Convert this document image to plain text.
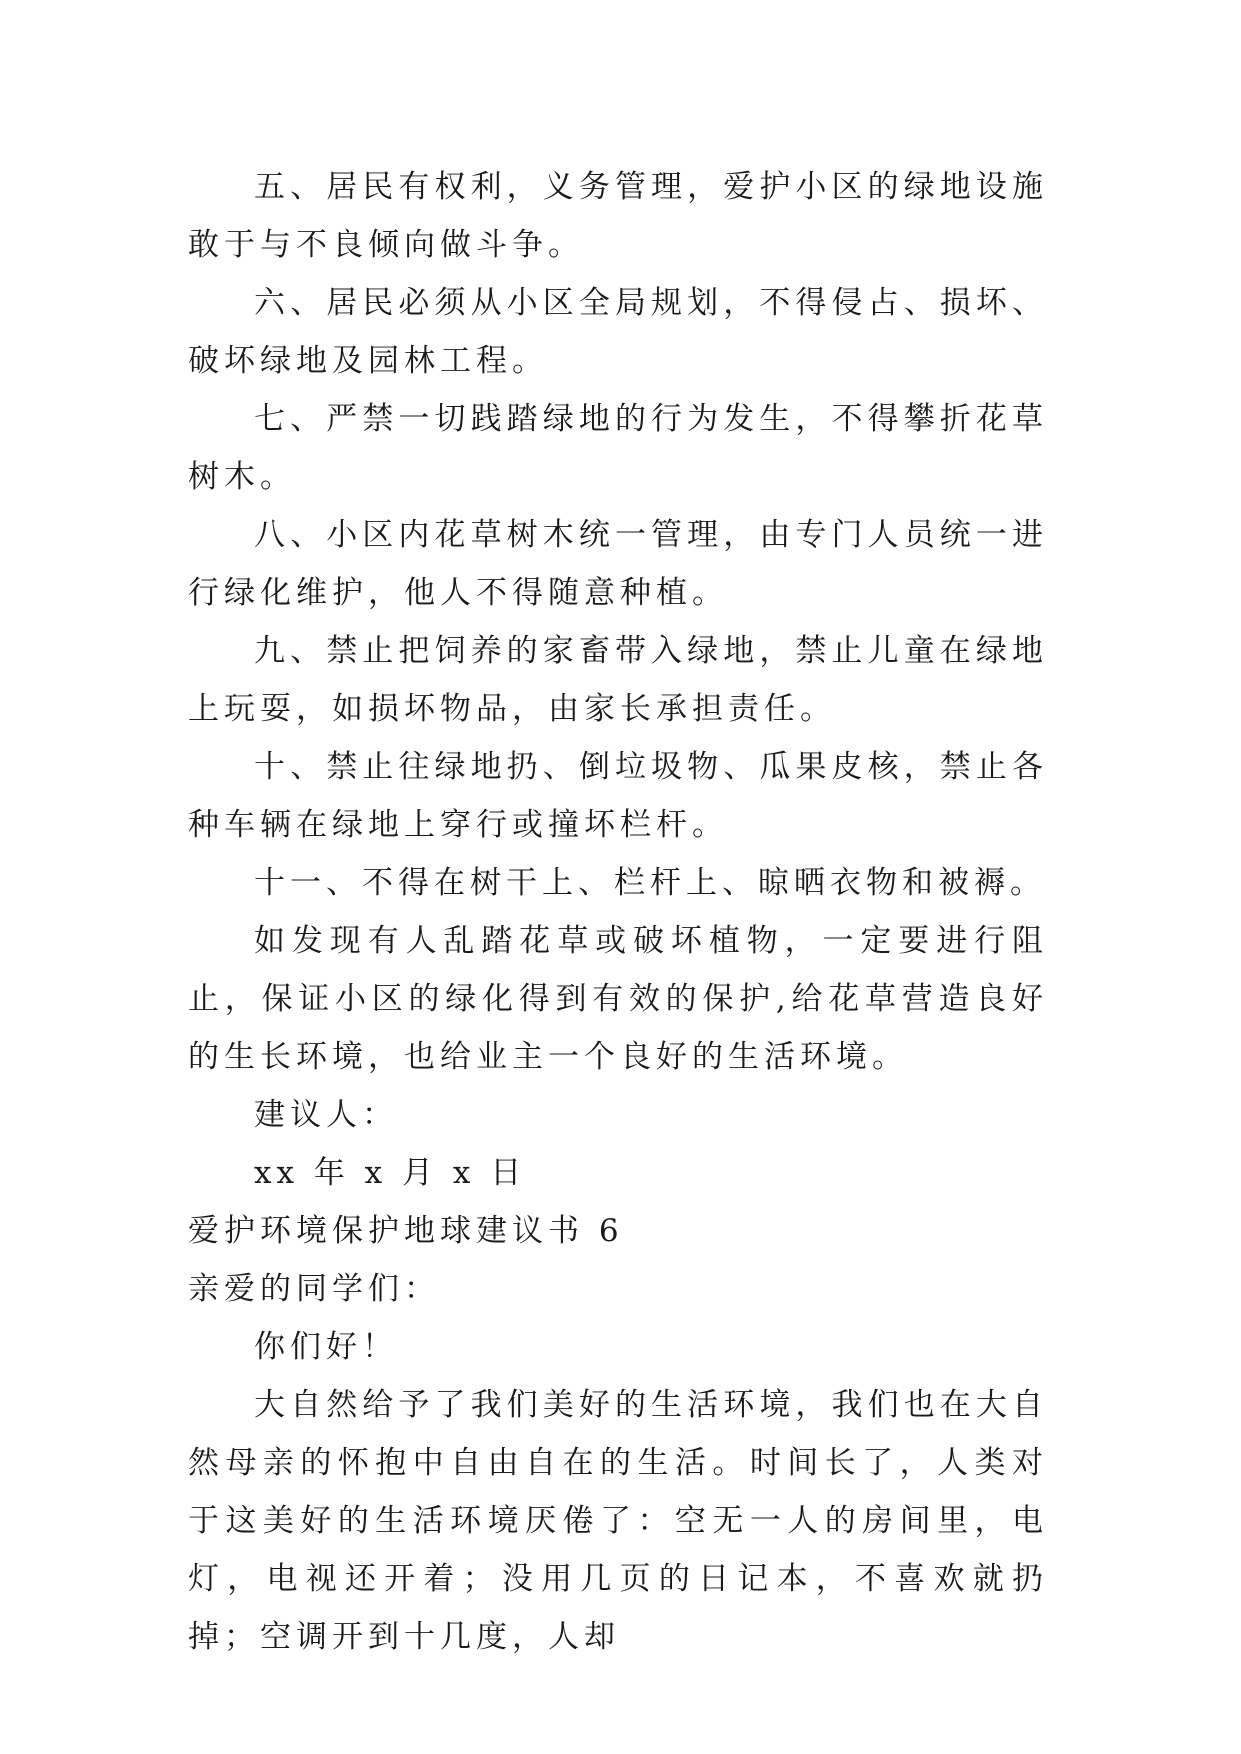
五、居民有权利，义务管理，爱护小区的绿地设施敢于与不良倾向做斗争。

六、居民必须从小区全局规划，不得侵占、损坏、破坏绿地及园林工程。

七、严禁一切践踏绿地的行为发生，不得攀折花草树木。

八、小区内花草树木统一管理，由专门人员统一进行绿化维护，他人不得随意种植。

九、禁止把饲养的家畜带入绿地，禁止儿童在绿地上玩耍，如损坏物品，由家长承担责任。

十、禁止往绿地扔、倒垃圾物、瓜果皮核，禁止各种车辆在绿地上穿行或撞坏栏杆。

十一、不得在树干上、栏杆上、晾晒衣物和被褥。

如发现有人乱踏花草或破坏植物，一定要进行阻止，保证小区的绿化得到有效的保护,给花草营造良好的生长环境，也给业主一个良好的生活环境。

建议人：

xx 年 x 月 x 日

爱护环境保护地球建议书 6

亲爱的同学们：

你们好！

大自然给予了我们美好的生活环境，我们也在大自然母亲的怀抱中自由自在的生活。时间长了，人类对于这美好的生活环境厌倦了：空无一人的房间里，电灯，电视还开着；没用几页的日记本，不喜欢就扔掉；空调开到十几度，人却
